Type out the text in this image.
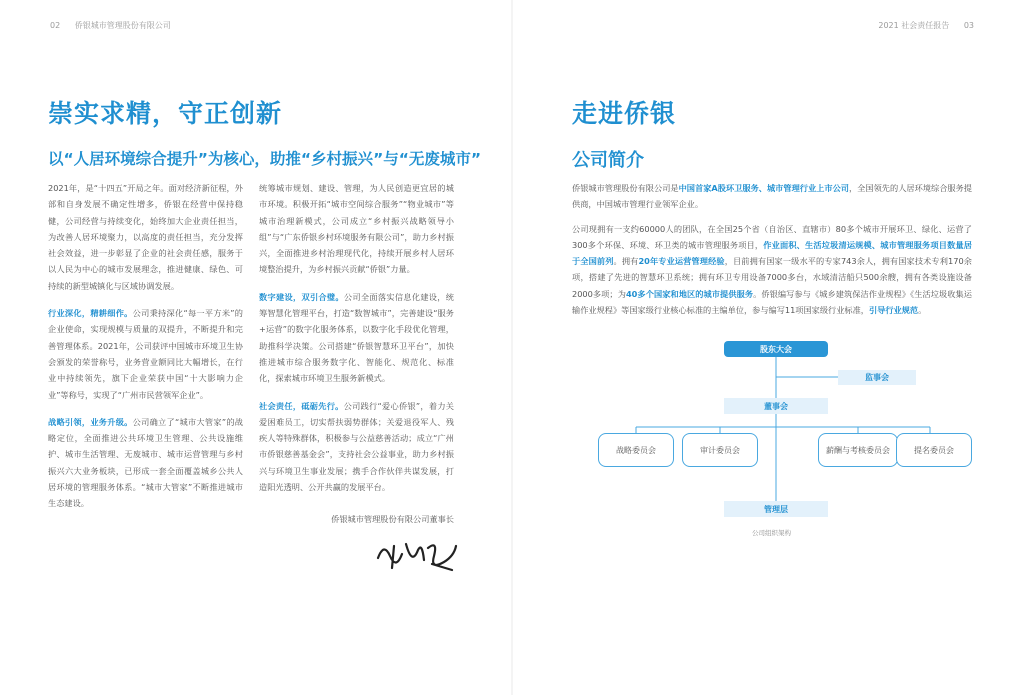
02 侨银城市管理股份有限公司	2021 社会责任报告 03
崇实求精，守正创新
以“人居环境综合提升”为核心，助推“乡村振兴”与“无废城市”

2021年，是“十四五”开局之年。面对经济新征程，外部和自身发展不确定性增多，侨银在经营中保持稳健，公司经营与持续变化，始终加大企业责任担当，为改善人居环境聚力，以高度的责任担当，充分发挥社会效益，进一步彰显了企业的社会责任感，服务于以人民为中心的城市发展理念，推进健康、绿色、可持续的新型城镇化与区域协调发展。

行业深化，精耕细作。公司秉持深化“每一平方米”的企业使命，实现规模与质量的双提升，不断提升和完善管理体系。2021年，公司获评中国城市环境卫生协会颁发的荣誉称号，业务营业额同比大幅增长，在行业中持续领先，旗下企业荣获中国“十大影响力企业”等称号，实现了“广州市民营领军企业”。

战略引领，业务升级。公司确立了“城市大管家”的战略定位，全面推进公共环境卫生管理、公共设施维护、城市生活管理、无废城市、城市运营管理与乡村振兴六大业务板块，已形成一套全面覆盖城乡公共人居环境的管理服务体系。“城市大管家”不断推进城市生态建设。

统筹城市规划、建设、管理，为人民创造更宜居的城市环境。积极开拓“城市空间综合服务”“物业城市”等城市治理新模式，公司成立“乡村振兴战略领导小组”与“广东侨银乡村环境服务有限公司”，助力乡村振兴，全面推进乡村治理现代化，持续开展乡村人居环境整治提升，为乡村振兴贡献“侨银”力量。

数字建设，双引合璧。公司全面落实信息化建设，统筹智慧化管理平台，打造“数智城市”，完善建设“服务+运营”的数字化服务体系，以数字化手段优化管理，助推科学决策。公司搭建“侨银智慧环卫平台”，加快推进城市综合服务数字化、智能化、规范化、标准化，探索城市环境卫生服务新模式。

社会责任，砥砺先行。公司践行“爱心侨银”，着力关爱困难员工，切实帮扶弱势群体；关爱退役军人、残疾人等特殊群体，积极参与公益慈善活动；成立“广州市侨银慈善基金会”，支持社会公益事业，助力乡村振兴与环境卫生事业发展；携手合作伙伴共谋发展，打造阳光透明、公开共赢的发展平台。

侨银城市管理股份有限公司董事长
走进侨银
公司简介

侨银城市管理股份有限公司是中国首家A股环卫服务、城市管理行业上市公司，全国领先的人居环境综合服务提供商，中国城市管理行业领军企业。

公司现拥有一支约60000人的团队，在全国25个省（自治区、直辖市）80多个城市开展环卫、绿化、运营了300多个环保、环境、环卫类的城市管理服务项目，作业面积、生活垃圾清运规模、城市管理服务项目数量居于全国前列。拥有20年专业运营管理经验，目前拥有国家一级水平的专家743余人，拥有国家技术专利170余项，搭建了先进的智慧环卫系统；拥有环卫专用设备7000多台，水域清洁船只500余艘，拥有各类设施设备2000多项；为40多个国家和地区的城市提供服务。侨银编写参与《城乡建筑保洁作业规程》《生活垃圾收集运输作业规程》等国家级行业核心标准的主编单位，参与编写11项国家级行业标准，引导行业规范。

股东大会
监事会
董事会
战略委员会	审计委员会	薪酬与考核委员会	提名委员会
管理层
公司组织架构
